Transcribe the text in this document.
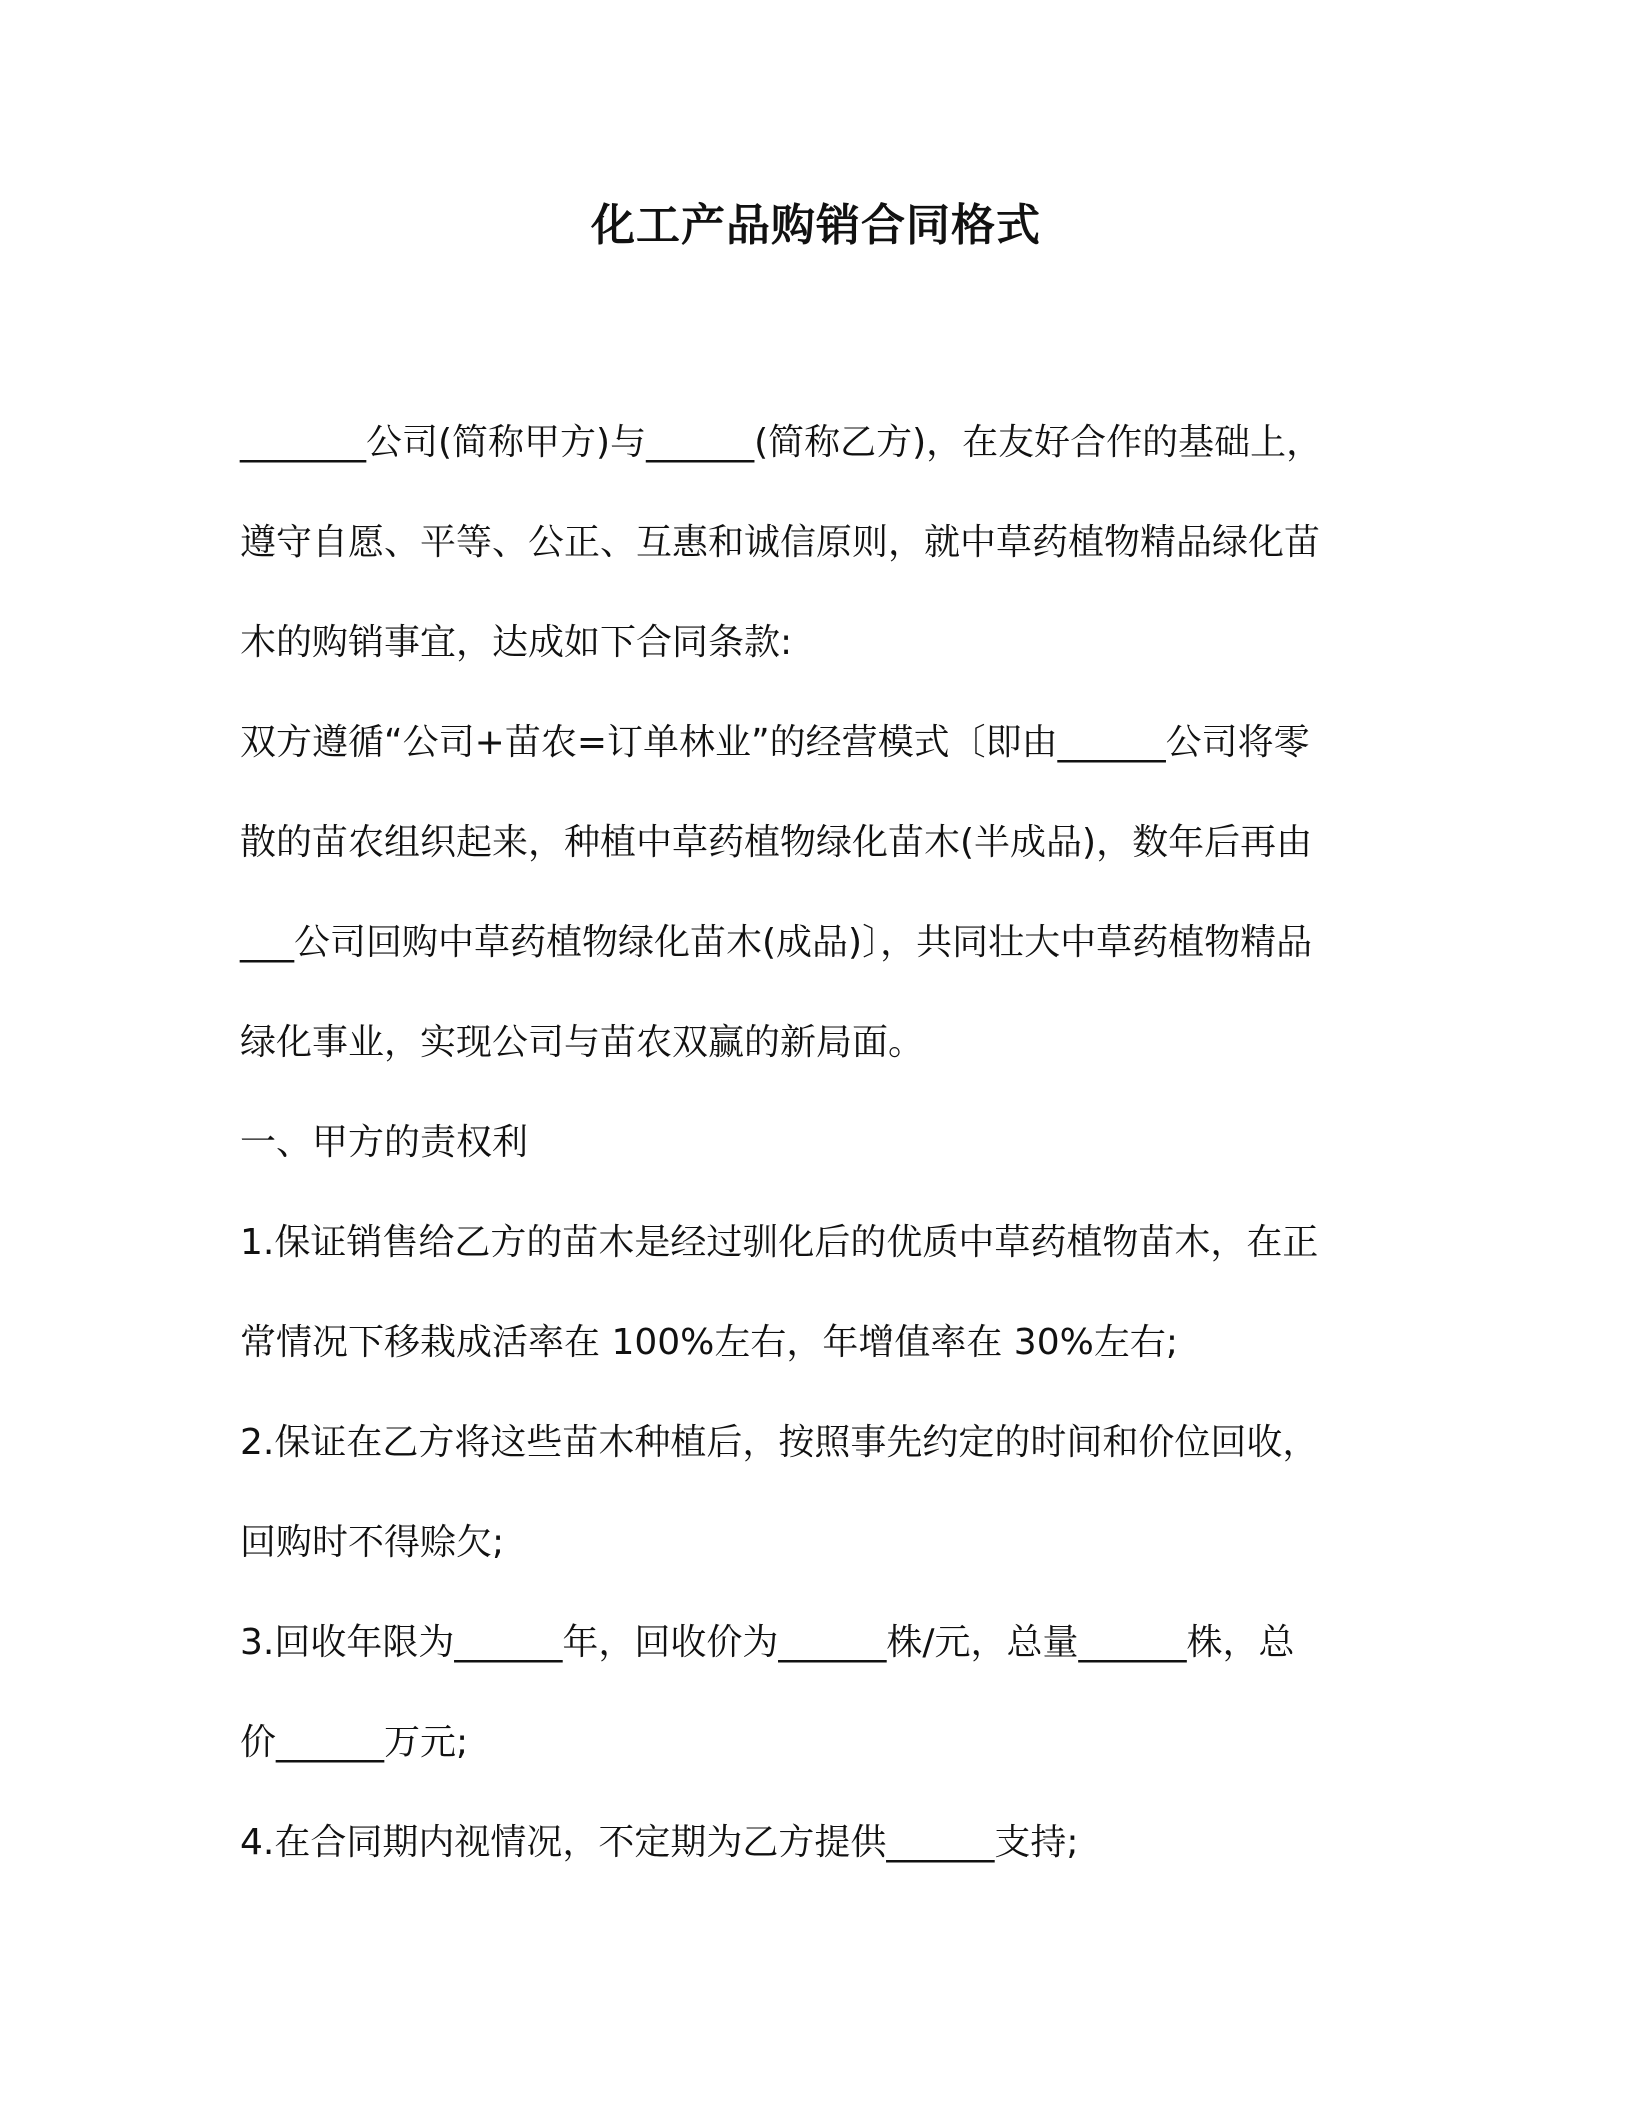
化工产品购销合同格式

_______公司(简称甲方)与______(简称乙方)，在友好合作的基础上，

遵守自愿、平等、公正、互惠和诚信原则，就中草药植物精品绿化苗

木的购销事宜，达成如下合同条款:

双方遵循“公司+苗农=订单林业”的经营模式〔即由______公司将零

散的苗农组织起来，种植中草药植物绿化苗木(半成品)，数年后再由

___公司回购中草药植物绿化苗木(成品)〕，共同壮大中草药植物精品

绿化事业，实现公司与苗农双赢的新局面。

一、甲方的责权利

1.保证销售给乙方的苗木是经过驯化后的优质中草药植物苗木，在正

常情况下移栽成活率在 100%左右，年增值率在 30%左右;

2.保证在乙方将这些苗木种植后，按照事先约定的时间和价位回收，

回购时不得赊欠;

3.回收年限为______年，回收价为______株/元，总量______株，总

价______万元;

4.在合同期内视情况，不定期为乙方提供______支持;
